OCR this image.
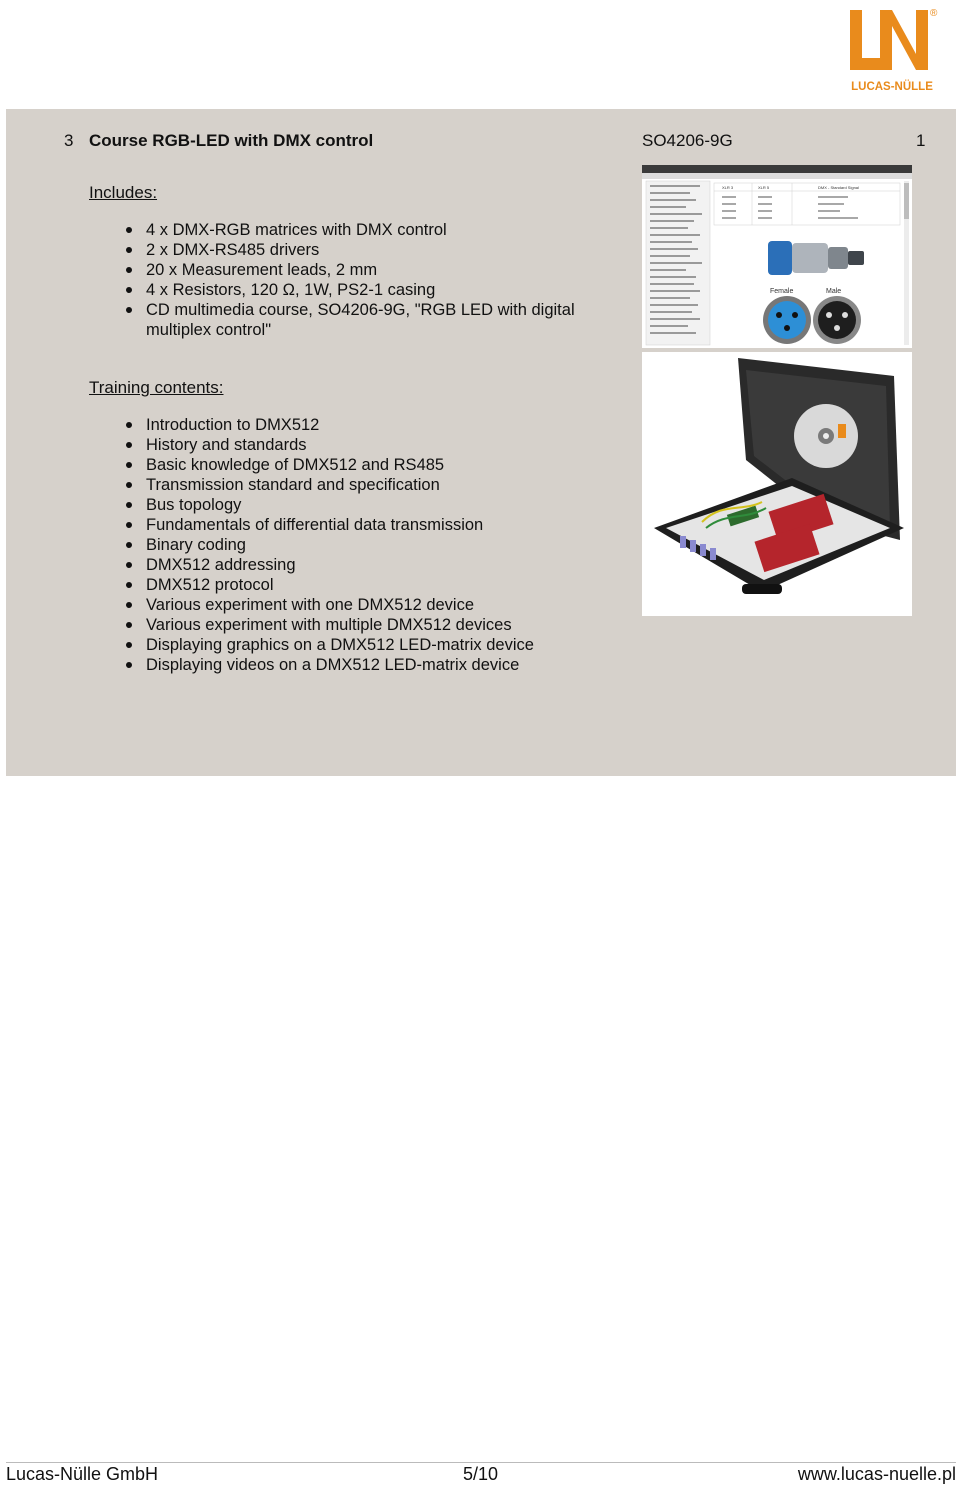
®
LUCAS-NÜLLE
3 Course RGB-LED with DMX control	SO4206-9G	1
Includes:
4 x DMX-RGB matrices with DMX control
2 x DMX-RS485 drivers
20 x Measurement leads, 2 mm
4 x Resistors, 120 Ω, 1W, PS2-1 casing
CD multimedia course, SO4206-9G, "RGB LED with digital multiplex control"
Training contents:
Introduction to DMX512
History and standards
Basic knowledge of DMX512 and RS485
Transmission standard and specification
Bus topology
Fundamentals of differential data transmission
Binary coding
DMX512 addressing
DMX512 protocol
Various experiment with one DMX512 device
Various experiment with multiple DMX512 devices
Displaying graphics on a DMX512 LED-matrix device
Displaying videos on a DMX512 LED-matrix device
XLR 3	XLR 5	DMX - Standard Signal
Female	Male
Lucas-Nülle GmbH	5/10	www.lucas-nuelle.pl
